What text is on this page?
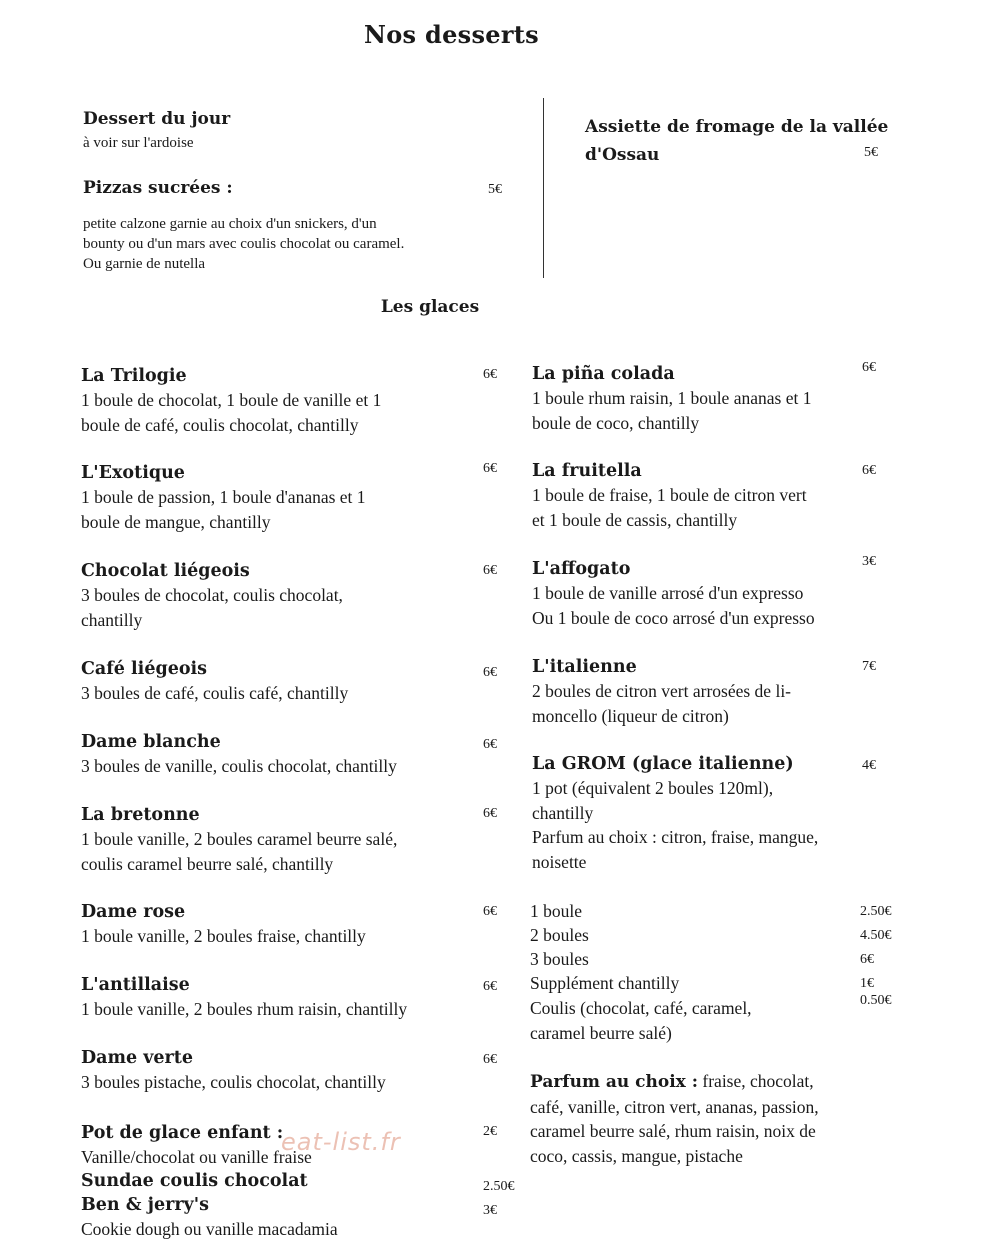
Nos desserts
Dessert du jour
à voir sur l'ardoise
Pizzas sucrées :	5€
petite calzone garnie au choix d'un snickers, d'un
bounty ou d'un mars avec coulis chocolat ou caramel.
Ou garnie de nutella
Assiette de fromage de la vallée
d'Ossau	5€
Les glaces
La Trilogie	6€
1 boule de chocolat, 1 boule de vanille et 1
boule de café, coulis chocolat, chantilly
L'Exotique	6€
1 boule de passion, 1 boule d'ananas et 1
boule de mangue, chantilly
Chocolat liégeois	6€
3 boules de chocolat, coulis chocolat,
chantilly
Café liégeois	6€
3 boules de café, coulis café, chantilly
Dame blanche	6€
3 boules de vanille, coulis chocolat, chantilly
La bretonne	6€
1 boule vanille, 2 boules caramel beurre salé,
coulis caramel beurre salé, chantilly
Dame rose	6€
1 boule vanille, 2 boules fraise, chantilly
L'antillaise	6€
1 boule vanille, 2 boules rhum raisin, chantilly
Dame verte	6€
3 boules pistache, coulis chocolat, chantilly
Pot de glace enfant :	2€
Vanille/chocolat ou vanille fraise
Sundae coulis chocolat	2.50€
Ben & jerry's	3€
Cookie dough ou vanille macadamia
La piña colada	6€
1 boule rhum raisin, 1 boule ananas et 1
boule de coco, chantilly
La fruitella	6€
1 boule de fraise, 1 boule de citron vert
et 1 boule de cassis, chantilly
L'affogato	3€
1 boule de vanille arrosé d'un expresso
Ou 1 boule de coco arrosé d'un expresso
L'italienne	7€
2 boules de citron vert arrosées de li-
moncello (liqueur de citron)
La GROM (glace italienne)	4€
1 pot (équivalent 2 boules 120ml),
chantilly
Parfum au choix : citron, fraise, mangue,
noisette
1 boule	2.50€
2 boules	4.50€
3 boules	6€
Supplément chantilly	1€
Coulis (chocolat, café, caramel,	0.50€
caramel beurre salé)
Parfum au choix : fraise, chocolat,
café, vanille, citron vert, ananas, passion,
caramel beurre salé, rhum raisin, noix de
coco, cassis, mangue, pistache
eat-list.fr
